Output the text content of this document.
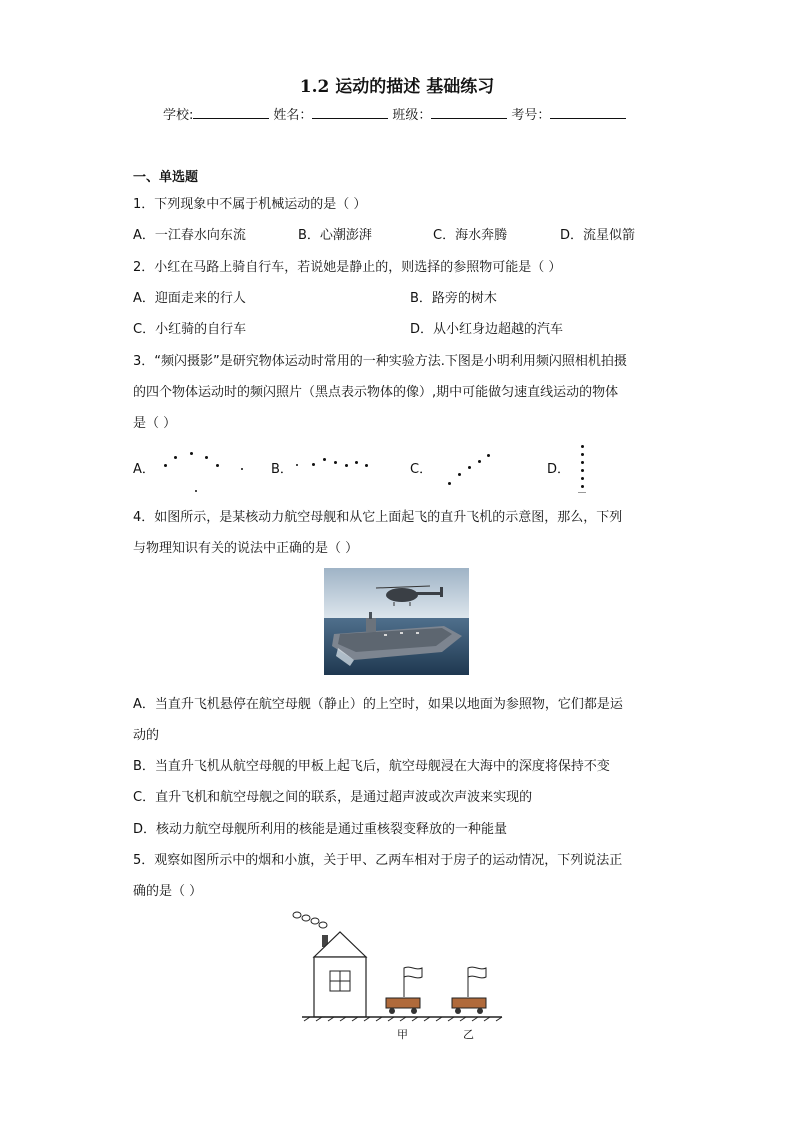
1.2 运动的描述 基础练习
学校:	姓名：	班级：	考号：
一、单选题
1．下列现象中不属于机械运动的是（ ）
A．一江春水向东流	B．心潮澎湃	C．海水奔腾	D．流星似箭
2．小红在马路上骑自行车，若说她是静止的，则选择的参照物可能是（ ）
A．迎面走来的行人	B．路旁的树木
C．小红骑的自行车	D．从小红身边超越的汽车
3．“频闪摄影”是研究物体运动时常用的一种实验方法.下图是小明利用频闪照相机拍摄
的四个物体运动时的频闪照片（黑点表示物体的像）,期中可能做匀速直线运动的物体
是（ ）
A．	B．	C．	D．
4．如图所示，是某核动力航空母舰和从它上面起飞的直升飞机的示意图，那么，下列
与物理知识有关的说法中正确的是（ ）
A．当直升飞机悬停在航空母舰（静止）的上空时，如果以地面为参照物，它们都是运
动的
B．当直升飞机从航空母舰的甲板上起飞后，航空母舰浸在大海中的深度将保持不变
C．直升飞机和航空母舰之间的联系，是通过超声波或次声波来实现的
D．核动力航空母舰所利用的核能是通过重核裂变释放的一种能量
5．观察如图所示中的烟和小旗，关于甲、乙两车相对于房子的运动情况，下列说法正
确的是（ ）
甲	乙
